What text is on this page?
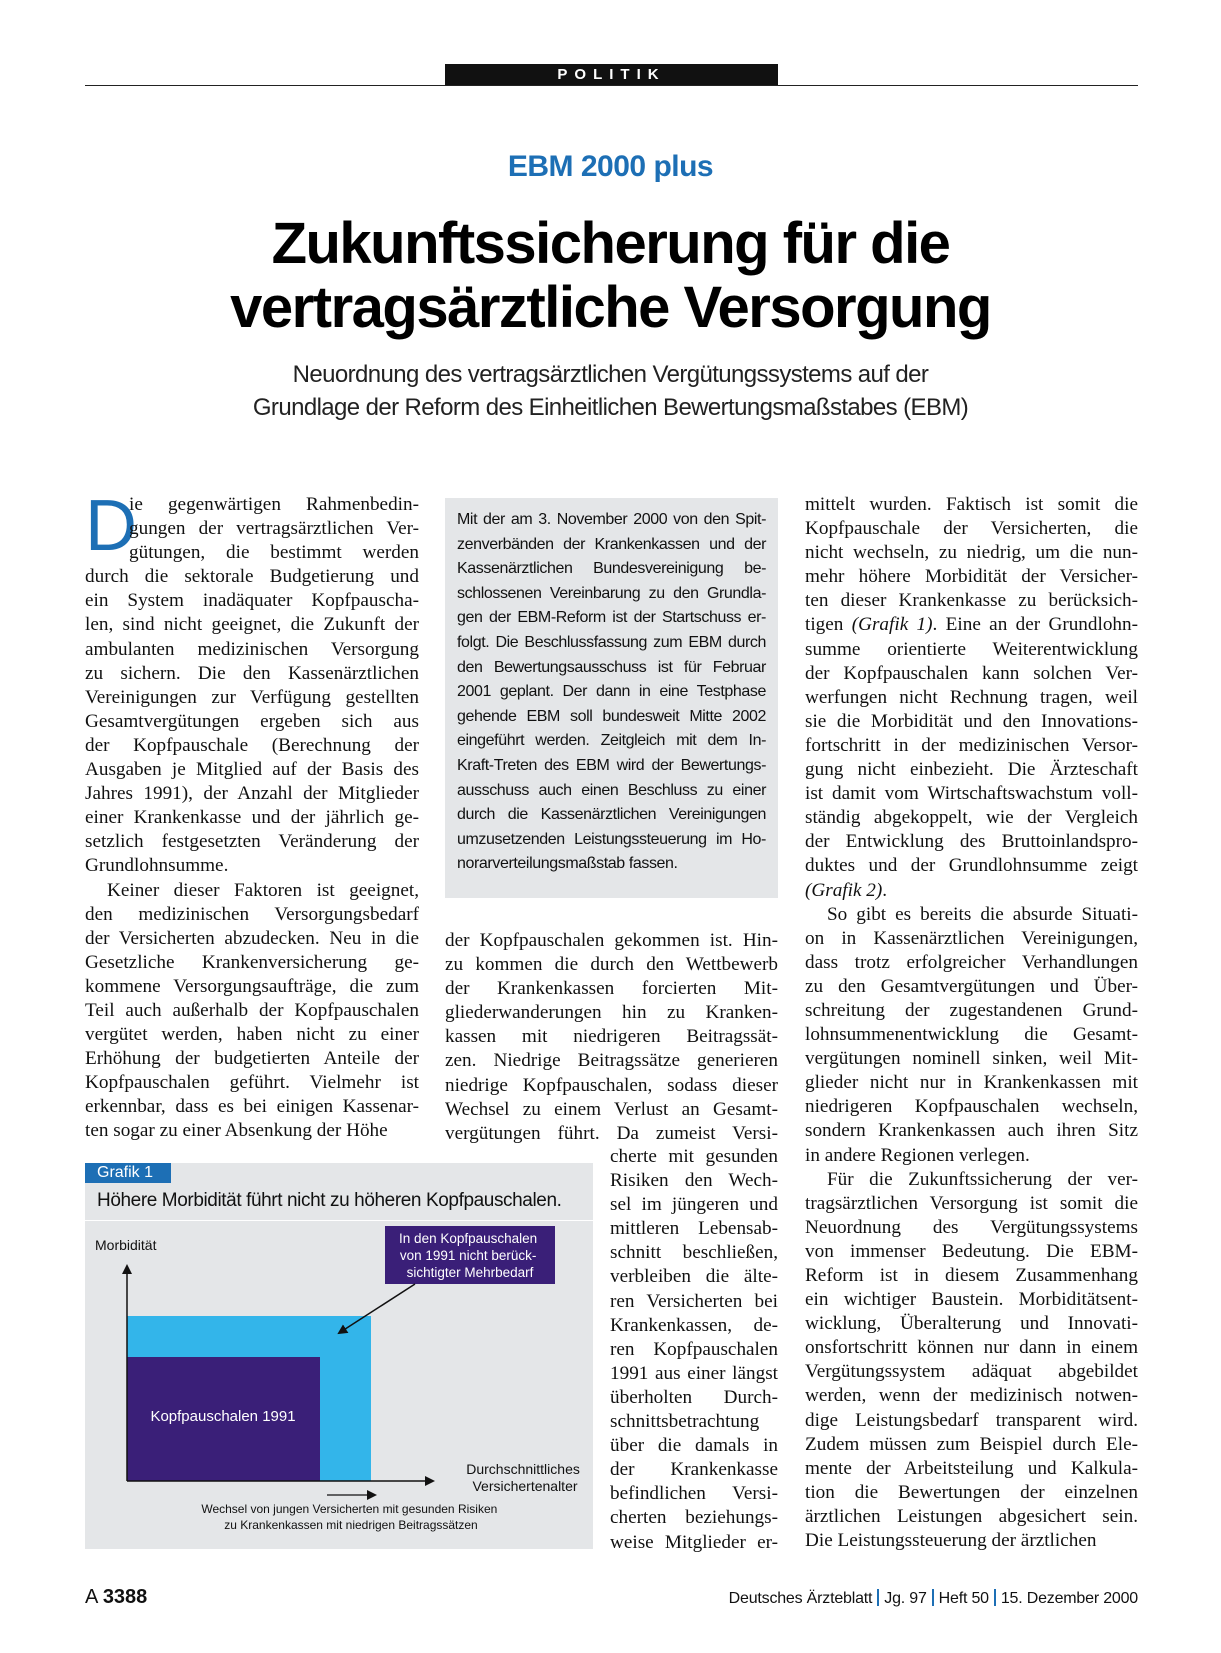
POLITIK
EBM 2000 plus
Zukunftssicherung für die
vertragsärztliche Versorgung
Neuordnung des vertragsärztlichen Vergütungssystems auf der
Grundlage der Reform des Einheitlichen Bewertungsmaßstabes (EBM)
D
ie gegenwärtigen Rahmenbedin-
gungen der vertragsärztlichen Ver-
gütungen, die bestimmt werden
durch die sektorale Budgetierung und
ein System inadäquater Kopfpauscha-
len, sind nicht geeignet, die Zukunft der
ambulanten medizinischen Versorgung
zu sichern. Die den Kassenärztlichen
Vereinigungen zur Verfügung gestellten
Gesamtvergütungen ergeben sich aus
der Kopfpauschale (Berechnung der
Ausgaben je Mitglied auf der Basis des
Jahres 1991), der Anzahl der Mitglieder
einer Krankenkasse und der jährlich ge-
setzlich festgesetzten Veränderung der
Grundlohnsumme.
Keiner dieser Faktoren ist geeignet,
den medizinischen Versorgungsbedarf
der Versicherten abzudecken. Neu in die
Gesetzliche Krankenversicherung ge-
kommene Versorgungsaufträge, die zum
Teil auch außerhalb der Kopfpauschalen
vergütet werden, haben nicht zu einer
Erhöhung der budgetierten Anteile der
Kopfpauschalen geführt. Vielmehr ist
erkennbar, dass es bei einigen Kassenar-
ten sogar zu einer Absenkung der Höhe
Mit der am 3. November 2000 von den Spit-
zenverbänden der Krankenkassen und der
Kassenärztlichen Bundesvereinigung be-
schlossenen Vereinbarung zu den Grundla-
gen der EBM-Reform ist der Startschuss er-
folgt. Die Beschlussfassung zum EBM durch
den Bewertungsausschuss ist für Februar
2001 geplant. Der dann in eine Testphase
gehende EBM soll bundesweit Mitte 2002
eingeführt werden. Zeitgleich mit dem In-
Kraft-Treten des EBM wird der Bewertungs-
ausschuss auch einen Beschluss zu einer
durch die Kassenärztlichen Vereinigungen
umzusetzenden Leistungssteuerung im Ho-
norarverteilungsmaßstab fassen.
der Kopfpauschalen gekommen ist. Hin-
zu kommen die durch den Wettbewerb
der Krankenkassen forcierten Mit-
gliederwanderungen hin zu Kranken-
kassen mit niedrigeren Beitragssät-
zen. Niedrige Beitragssätze generieren
niedrige Kopfpauschalen, sodass dieser
Wechsel zu einem Verlust an Gesamt-
vergütungen führt. Da zumeist Versi-
cherte mit gesunden
Risiken den Wech-
sel im jüngeren und
mittleren Lebensab-
schnitt beschließen,
verbleiben die älte-
ren Versicherten bei
Krankenkassen, de-
ren Kopfpauschalen
1991 aus einer längst
überholten Durch-
schnittsbetrachtung
über die damals in
der Krankenkasse
befindlichen Versi-
cherten beziehungs-
weise Mitglieder er-
mittelt wurden. Faktisch ist somit die
Kopfpauschale der Versicherten, die
nicht wechseln, zu niedrig, um die nun-
mehr höhere Morbidität der Versicher-
ten dieser Krankenkasse zu berücksich-
tigen (Grafik 1). Eine an der Grundlohn-
summe orientierte Weiterentwicklung
der Kopfpauschalen kann solchen Ver-
werfungen nicht Rechnung tragen, weil
sie die Morbidität und den Innovations-
fortschritt in der medizinischen Versor-
gung nicht einbezieht. Die Ärzteschaft
ist damit vom Wirtschaftswachstum voll-
ständig abgekoppelt, wie der Vergleich
der Entwicklung des Bruttoinlandspro-
duktes und der Grundlohnsumme zeigt
(Grafik 2).
So gibt es bereits die absurde Situati-
on in Kassenärztlichen Vereinigungen,
dass trotz erfolgreicher Verhandlungen
zu den Gesamtvergütungen und Über-
schreitung der zugestandenen Grund-
lohnsummenentwicklung die Gesamt-
vergütungen nominell sinken, weil Mit-
glieder nicht nur in Krankenkassen mit
niedrigeren Kopfpauschalen wechseln,
sondern Krankenkassen auch ihren Sitz
in andere Regionen verlegen.
Für die Zukunftssicherung der ver-
tragsärztlichen Versorgung ist somit die
Neuordnung des Vergütungssystems
von immenser Bedeutung. Die EBM-
Reform ist in diesem Zusammenhang
ein wichtiger Baustein. Morbiditätsent-
wicklung, Überalterung und Innovati-
onsfortschritt können nur dann in einem
Vergütungssystem adäquat abgebildet
werden, wenn der medizinisch notwen-
dige Leistungsbedarf transparent wird.
Zudem müssen zum Beispiel durch Ele-
mente der Arbeitsteilung und Kalkula-
tion die Bewertungen der einzelnen
ärztlichen Leistungen abgesichert sein.
Die Leistungssteuerung der ärztlichen
Grafik 1
Höhere Morbidität führt nicht zu höheren Kopfpauschalen.
Kopfpauschalen 1991
Morbidität
Durchschnittliches Versichertenalter
In den Kopfpauschalen von 1991 nicht berück- sichtigter Mehrbedarf
Wechsel von jungen Versicherten mit gesunden Risiken zu Krankenkassen mit niedrigen Beitragssätzen
A 3388	Deutsches Ärzteblatt Jg. 97 Heft 50 15. Dezember 2000
